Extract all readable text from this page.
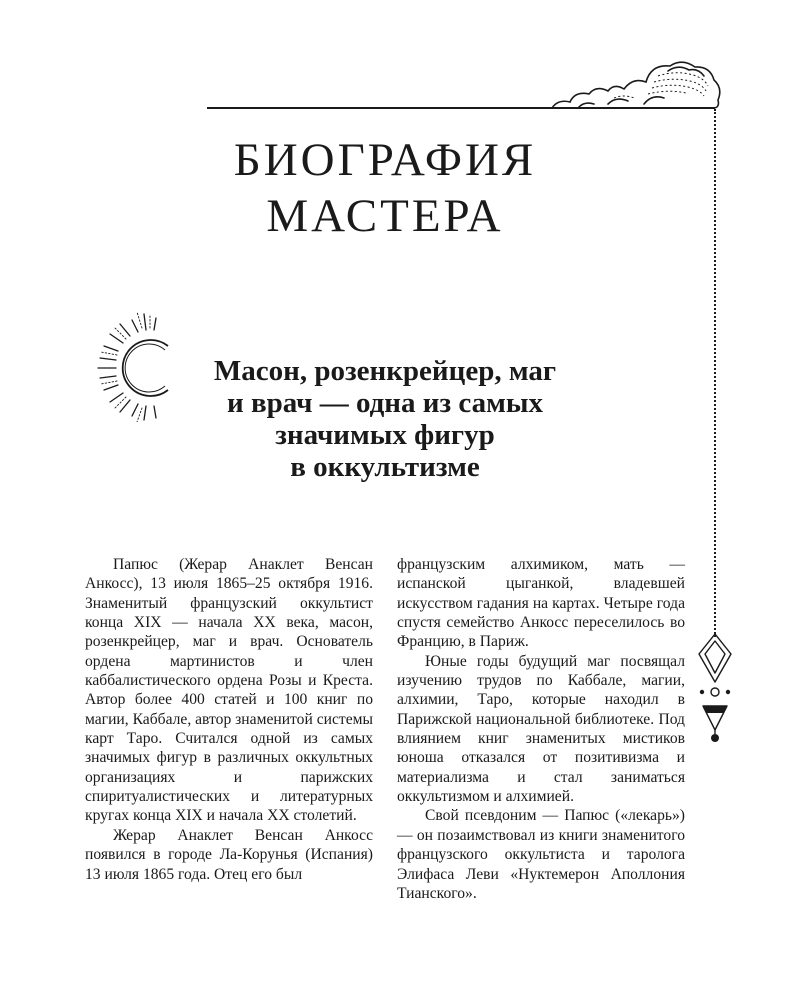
БИОГРАФИЯ
МАСТЕРА
Масон, розенкрейцер, маг
и врач — одна из самых
значимых фигур
в оккультизме

Папюс (Жерар Анаклет Венсан Анкосс), 13 июля 1865–25 октября 1916. Знаменитый французский оккультист конца XIX — начала XX века, масон, розенкрейцер, маг и врач. Основатель ордена мартинистов и член каббалистического ордена Розы и Креста. Автор более 400 статей и 100 книг по магии, Каббале, автор знаменитой системы карт Таро. Считался одной из самых значимых фигур в различных оккультных организациях и парижских спиритуалистических и литературных кругах конца XIX и начала XX столетий.

Жерар Анаклет Венсан Анкосс появился в городе Ла-Корунья (Испания) 13 июля 1865 года. Отец его был

французским алхимиком, мать — испанской цыганкой, владевшей искусством гадания на картах. Четыре года спустя семейство Анкосс переселилось во Францию, в Париж.

Юные годы будущий маг посвящал изучению трудов по Каббале, магии, алхимии, Таро, которые находил в Парижской национальной библиотеке. Под влиянием книг знаменитых мистиков юноша отказался от позитивизма и материализма и стал заниматься оккультизмом и алхимией.

Свой псевдоним — Папюс («лекарь») — он позаимствовал из книги знаменитого французского оккультиста и таролога Элифаса Леви «Нуктемерон Аполлония Тианского».
